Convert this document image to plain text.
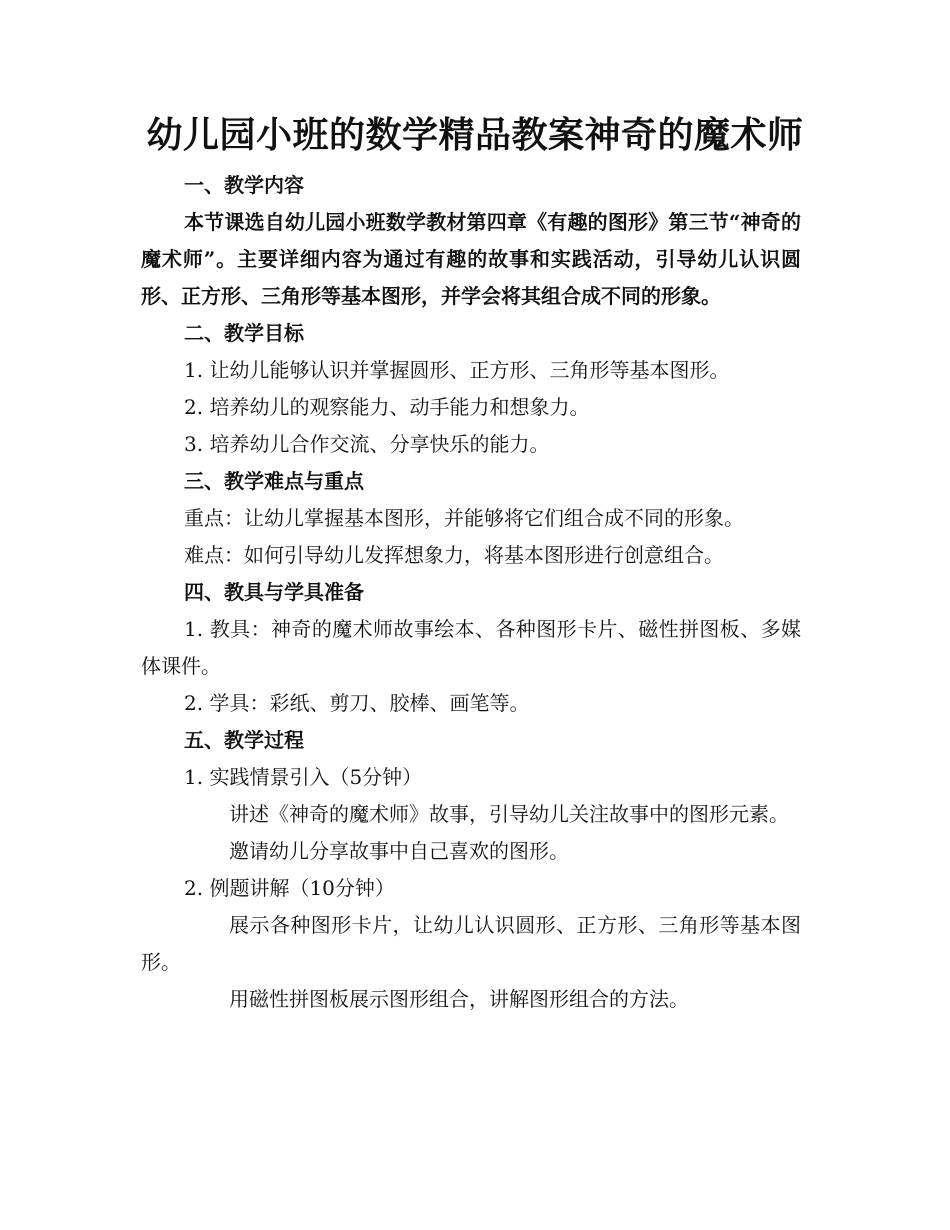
幼儿园小班的数学精品教案神奇的魔术师

一、教学内容

本节课选自幼儿园小班数学教材第四章《有趣的图形》第三节“神奇的魔术师”。主要详细内容为通过有趣的故事和实践活动，引导幼儿认识圆形、正方形、三角形等基本图形，并学会将其组合成不同的形象。

二、教学目标

1. 让幼儿能够认识并掌握圆形、正方形、三角形等基本图形。

2. 培养幼儿的观察能力、动手能力和想象力。

3. 培养幼儿合作交流、分享快乐的能力。

三、教学难点与重点

重点：让幼儿掌握基本图形，并能够将它们组合成不同的形象。

难点：如何引导幼儿发挥想象力，将基本图形进行创意组合。

四、教具与学具准备

1. 教具：神奇的魔术师故事绘本、各种图形卡片、磁性拼图板、多媒体课件。

2. 学具：彩纸、剪刀、胶棒、画笔等。

五、教学过程

1. 实践情景引入（5分钟）

讲述《神奇的魔术师》故事，引导幼儿关注故事中的图形元素。

邀请幼儿分享故事中自己喜欢的图形。

2. 例题讲解（10分钟）

展示各种图形卡片，让幼儿认识圆形、正方形、三角形等基本图形。

用磁性拼图板展示图形组合，讲解图形组合的方法。
